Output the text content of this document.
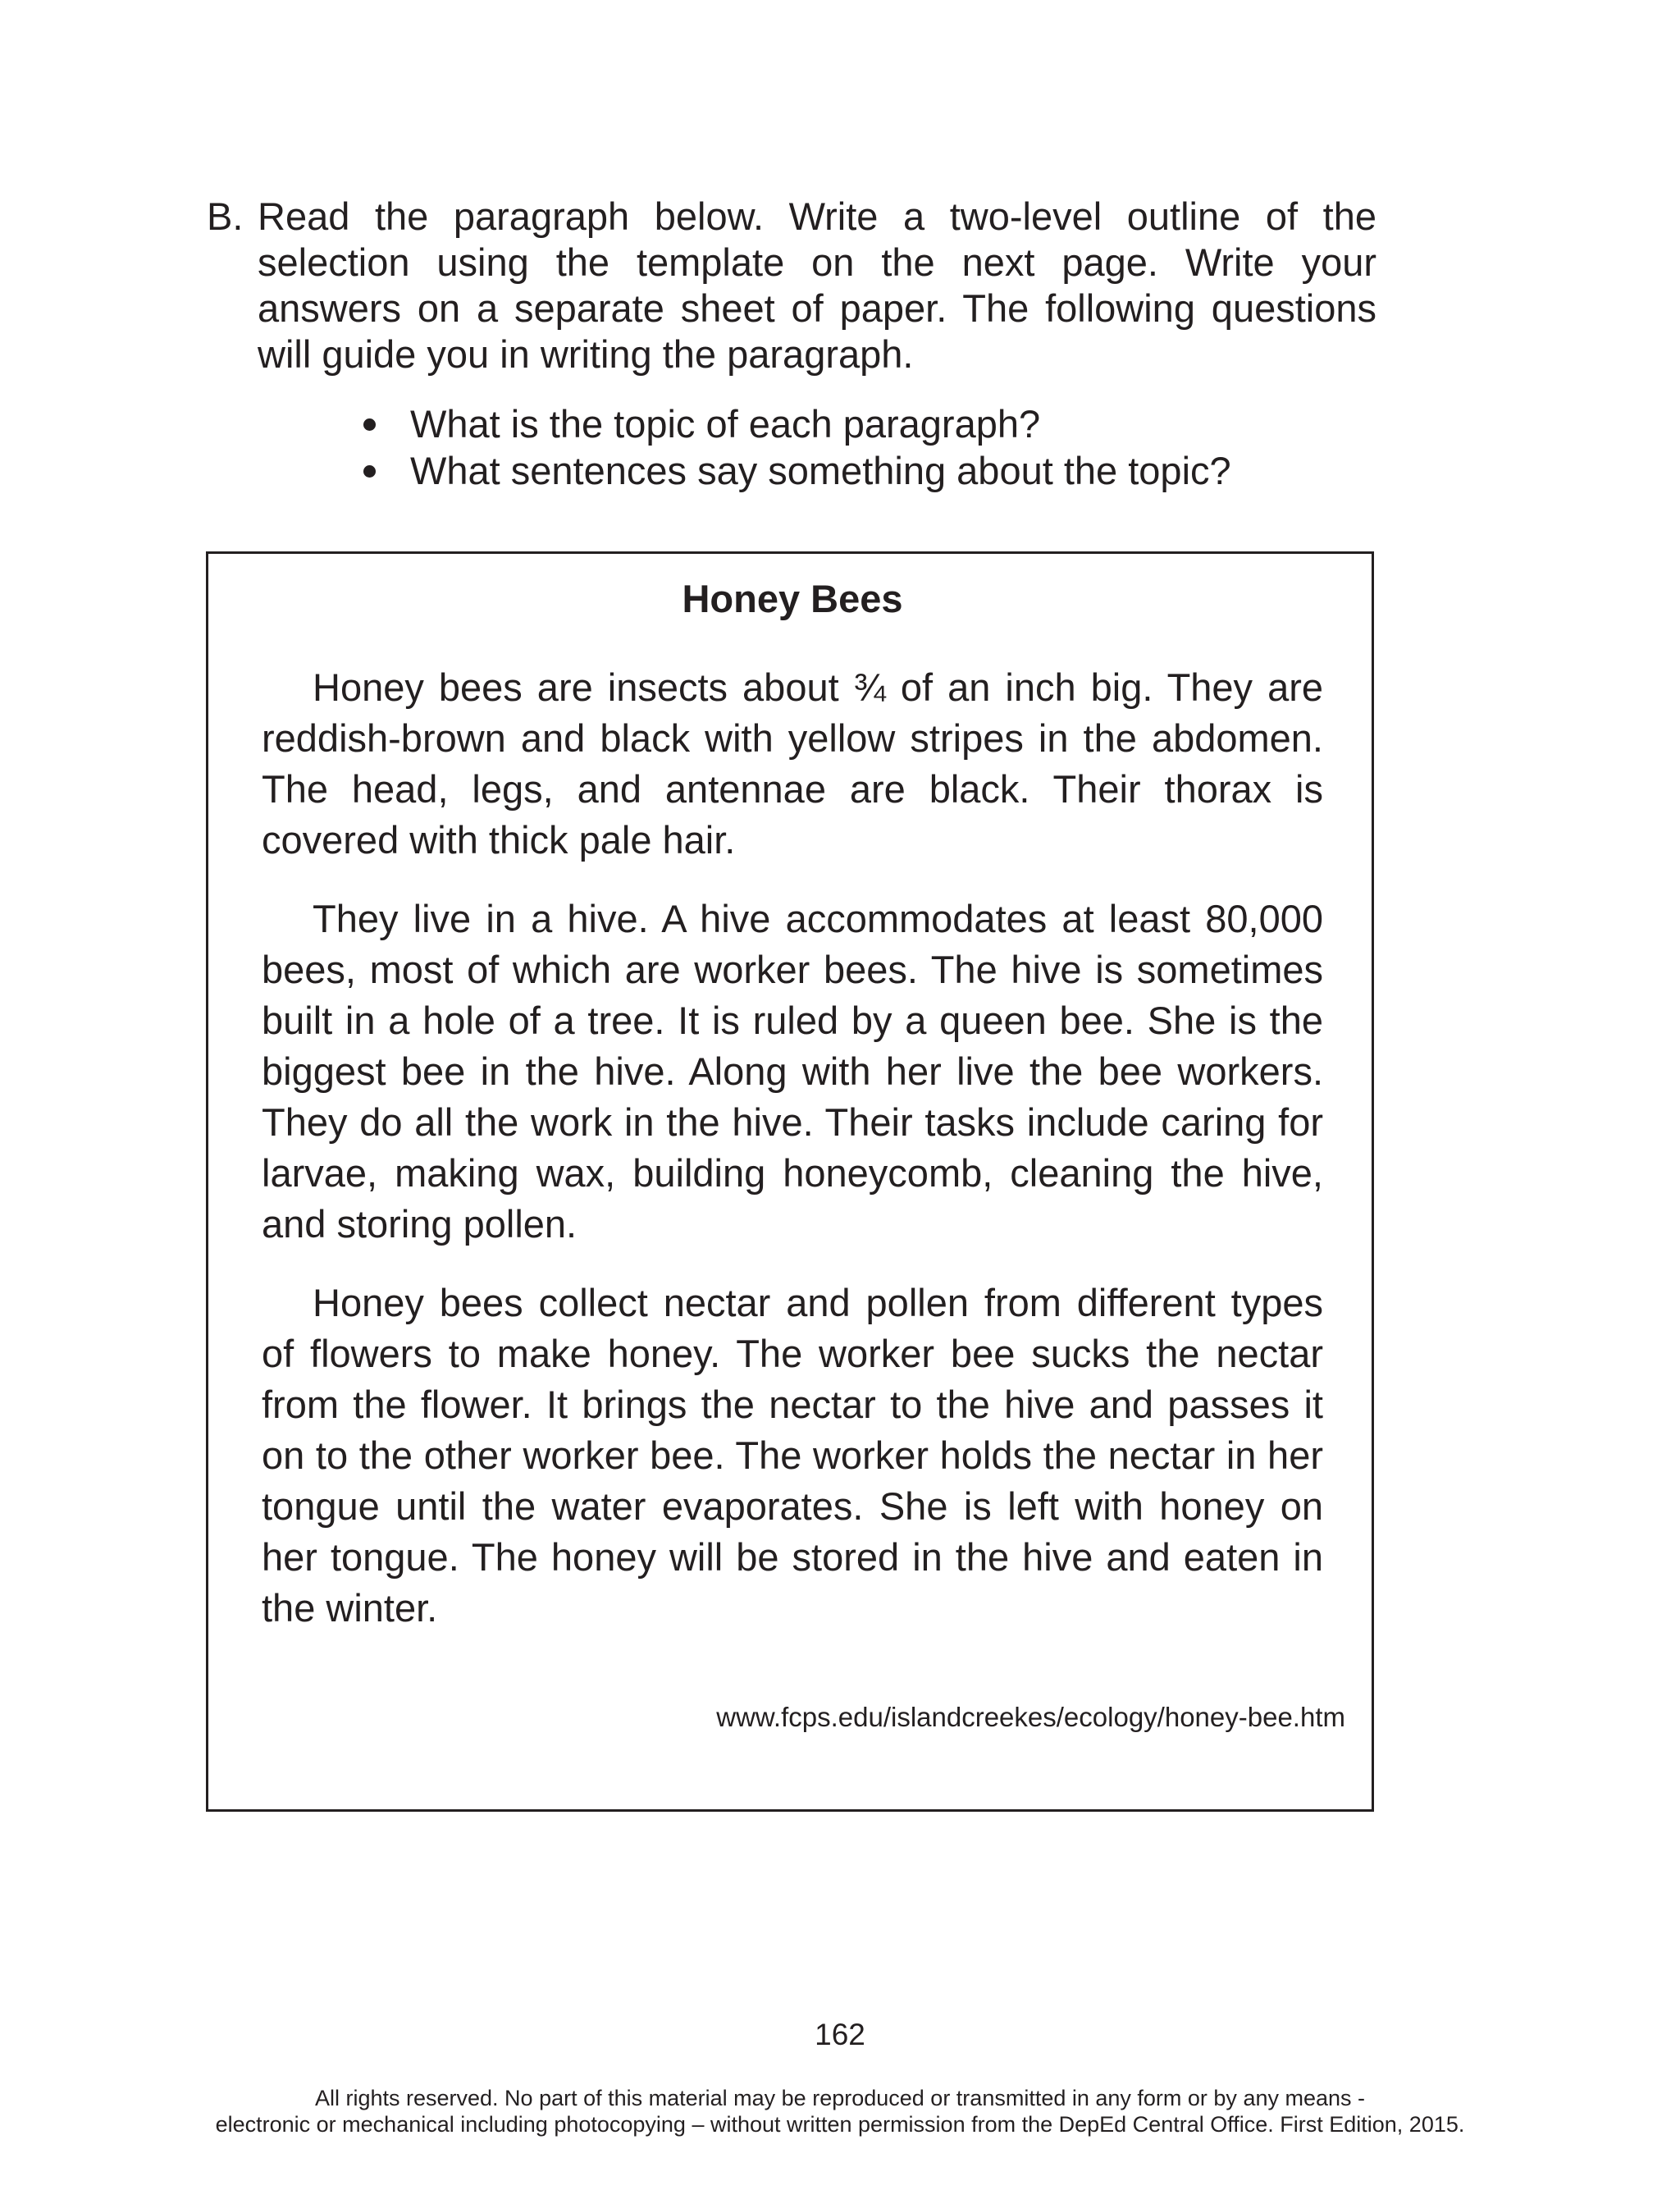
B. Read the paragraph below. Write a two-level outline of the selection using the template on the next page. Write your answers on a separate sheet of paper. The following questions will guide you in writing the paragraph.
What is the topic of each paragraph?
What sentences say something about the topic?
Honey Bees

Honey bees are insects about ¾ of an inch big. They are reddish-brown and black with yellow stripes in the abdomen. The head, legs, and antennae are black. Their thorax is covered with thick pale hair.

They live in a hive. A hive accommodates at least 80,000 bees, most of which are worker bees. The hive is sometimes built in a hole of a tree. It is ruled by a queen bee. She is the biggest bee in the hive. Along with her live the bee workers. They do all the work in the hive. Their tasks include caring for larvae, making wax, building honeycomb, cleaning the hive, and storing pollen.

Honey bees collect nectar and pollen from different types of flowers to make honey. The worker bee sucks the nectar from the flower. It brings the nectar to the hive and passes it on to the other worker bee. The worker holds the nectar in her tongue until the water evaporates. She is left with honey on her tongue. The honey will be stored in the hive and eaten in the winter.

www.fcps.edu/islandcreekes/ecology/honey-bee.htm
162
All rights reserved. No part of this material may be reproduced or transmitted in any form or by any means -
electronic or mechanical including photocopying – without written permission from the DepEd Central Office. First Edition, 2015.
